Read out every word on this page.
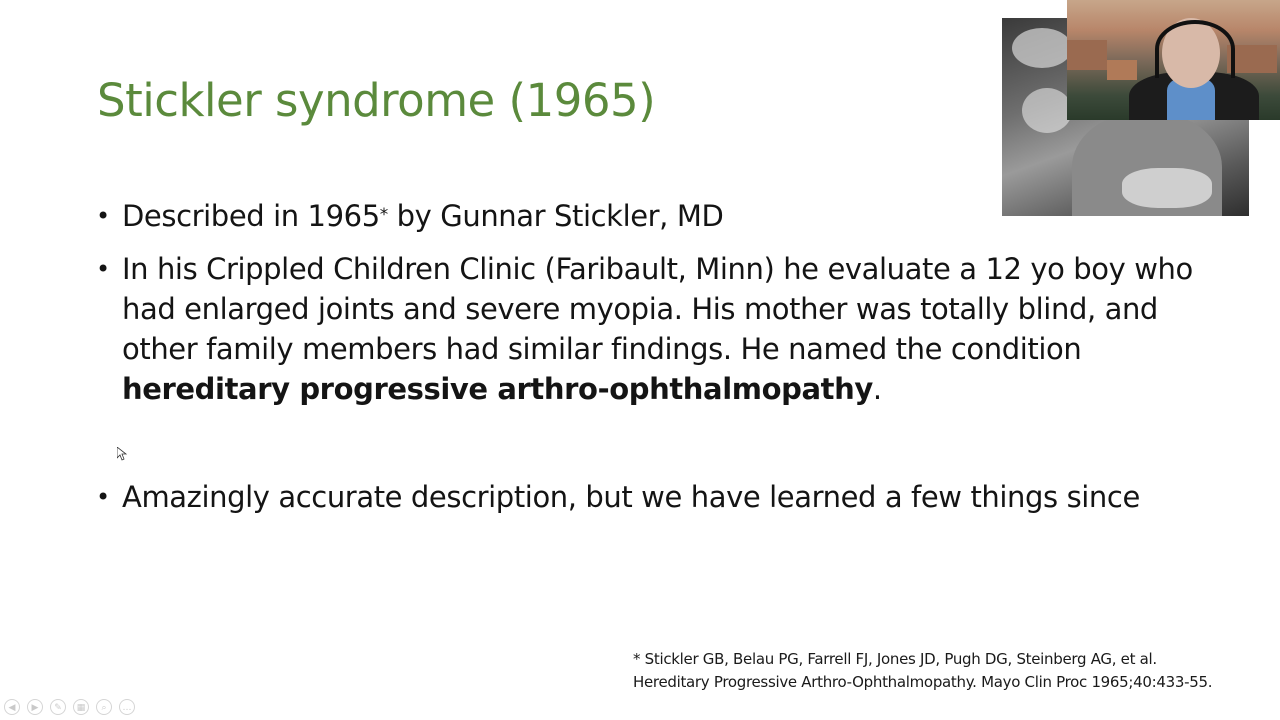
Stickler syndrome (1965)
• Described in 1965* by Gunnar Stickler, MD
• In his Crippled Children Clinic (Faribault, Minn) he evaluate a 12 yo boy who had enlarged joints and severe myopia. His mother was totally blind, and other family members had similar findings. He named the condition hereditary progressive arthro-ophthalmopathy.
• Amazingly accurate description, but we have learned a few things since
* Stickler GB, Belau PG, Farrell FJ, Jones JD, Pugh DG, Steinberg AG, et al.
Hereditary Progressive Arthro-Ophthalmopathy. Mayo Clin Proc 1965;40:433-55.
◀	▶	✎	▦	⌕	…
